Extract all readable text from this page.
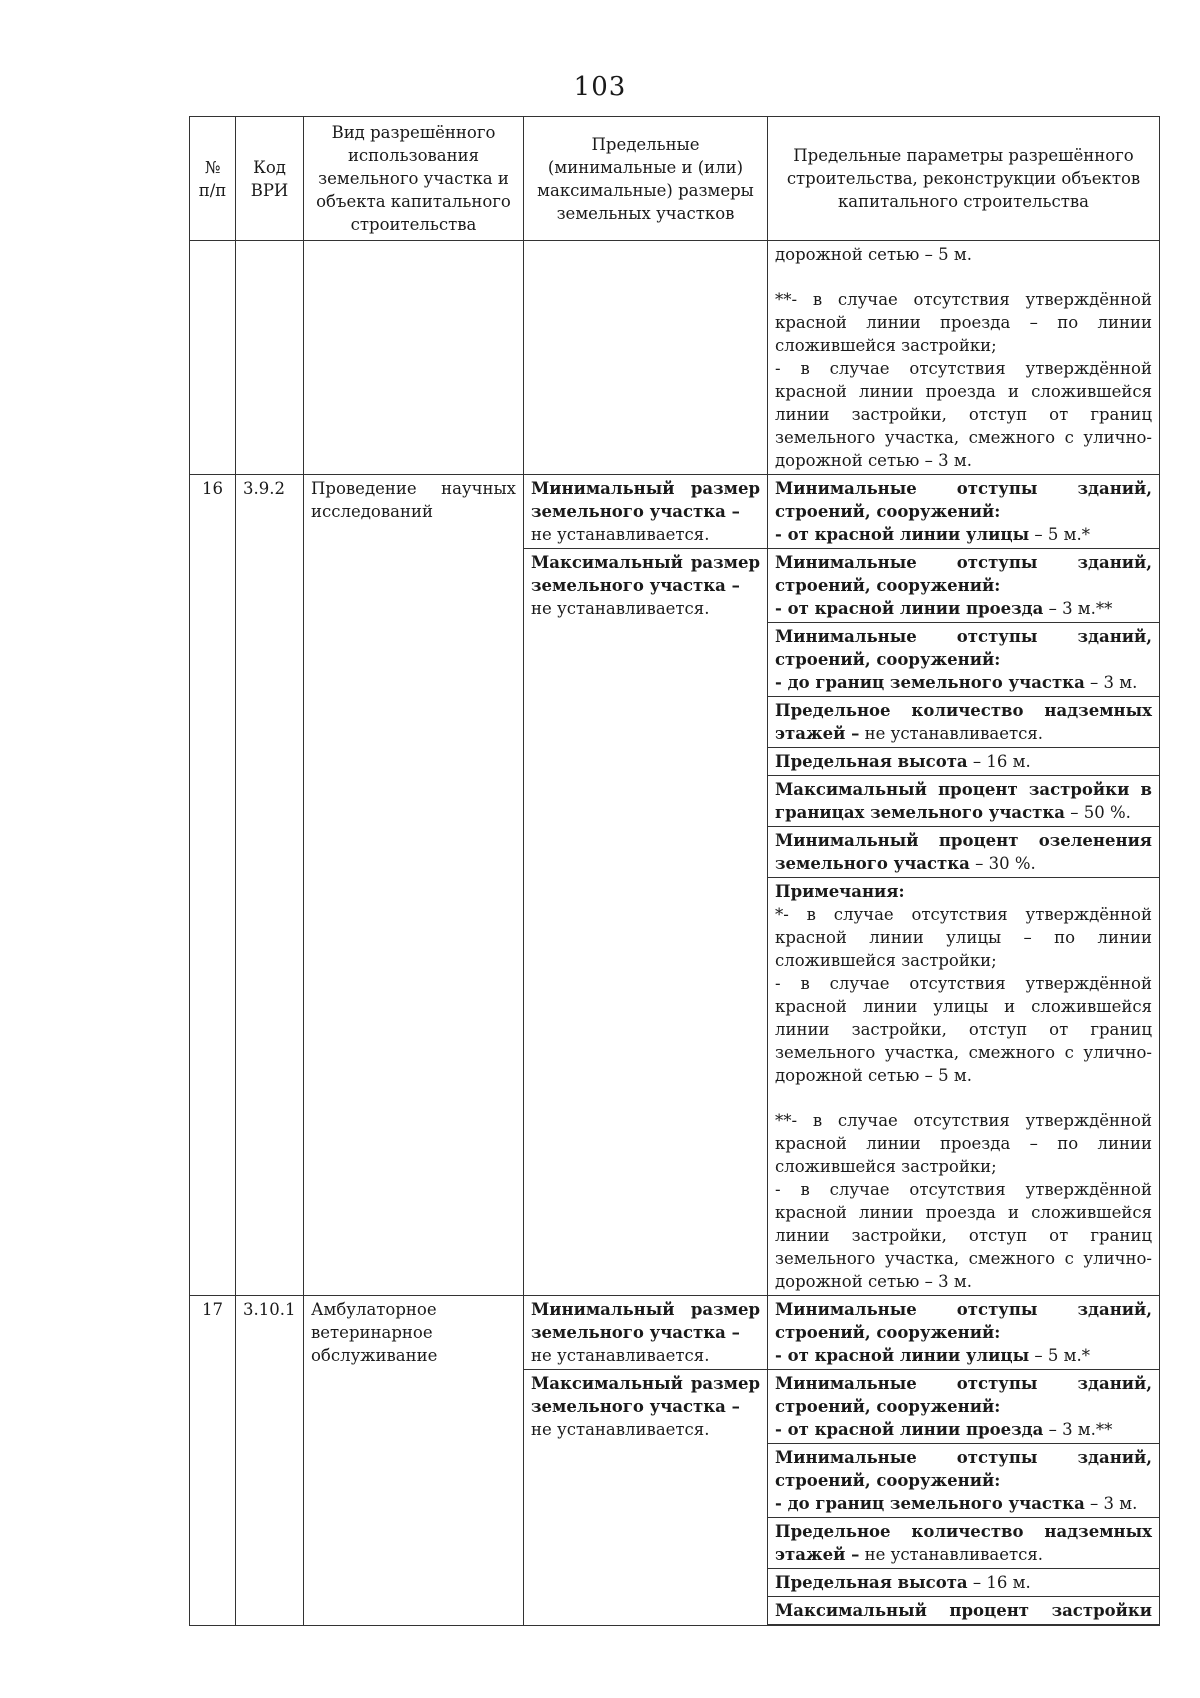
103
№ п/п	Код ВРИ	Вид разрешённого использования земельного участка и объекта капитального строительства	Предельные (минимальные и (или) максимальные) размеры земельных участков	Предельные параметры разрешённого строительства, реконструкции объектов капитального строительства

				дорожной сетью – 5 м.
**- в случае отсутствия утверждённой красной линии проезда – по линии сложившейся застройки;
- в случае отсутствия утверждённой красной линии проезда и сложившейся линии застройки, отступ от границ земельного участка, смежного с улично-дорожной сетью – 3 м.

16	3.9.2	Проведение научных исследований	Минимальный размер земельного участка –
не устанавливается.	Минимальные отступы зданий, строений, сооружений:
- от красной линии улицы – 5 м.*
			Максимальный размер земельного участка –
не устанавливается.	Минимальные отступы зданий, строений, сооружений:
- от красной линии проезда – 3 м.**
				Минимальные отступы зданий, строений, сооружений:
- до границ земельного участка – 3 м.
				Предельное количество надземных этажей – не устанавливается.
				Предельная высота – 16 м.
				Максимальный процент застройки в границах земельного участка – 50 %.
				Минимальный процент озеленения земельного участка – 30 %.
				Примечания:
*- в случае отсутствия утверждённой красной линии улицы – по линии сложившейся застройки;
- в случае отсутствия утверждённой красной линии улицы и сложившейся линии застройки, отступ от границ земельного участка, смежного с улично-дорожной сетью – 5 м.
**- в случае отсутствия утверждённой красной линии проезда – по линии сложившейся застройки;
- в случае отсутствия утверждённой красной линии проезда и сложившейся линии застройки, отступ от границ земельного участка, смежного с улично-дорожной сетью – 3 м.

17	3.10.1	Амбулаторное ветеринарное обслуживание	Минимальный размер земельного участка –
не устанавливается.	Минимальные отступы зданий, строений, сооружений:
- от красной линии улицы – 5 м.*
			Максимальный размер земельного участка –
не устанавливается.	Минимальные отступы зданий, строений, сооружений:
- от красной линии проезда – 3 м.**
				Минимальные отступы зданий, строений, сооружений:
- до границ земельного участка – 3 м.
				Предельное количество надземных этажей – не устанавливается.
				Предельная высота – 16 м.
				Максимальный процент застройки
